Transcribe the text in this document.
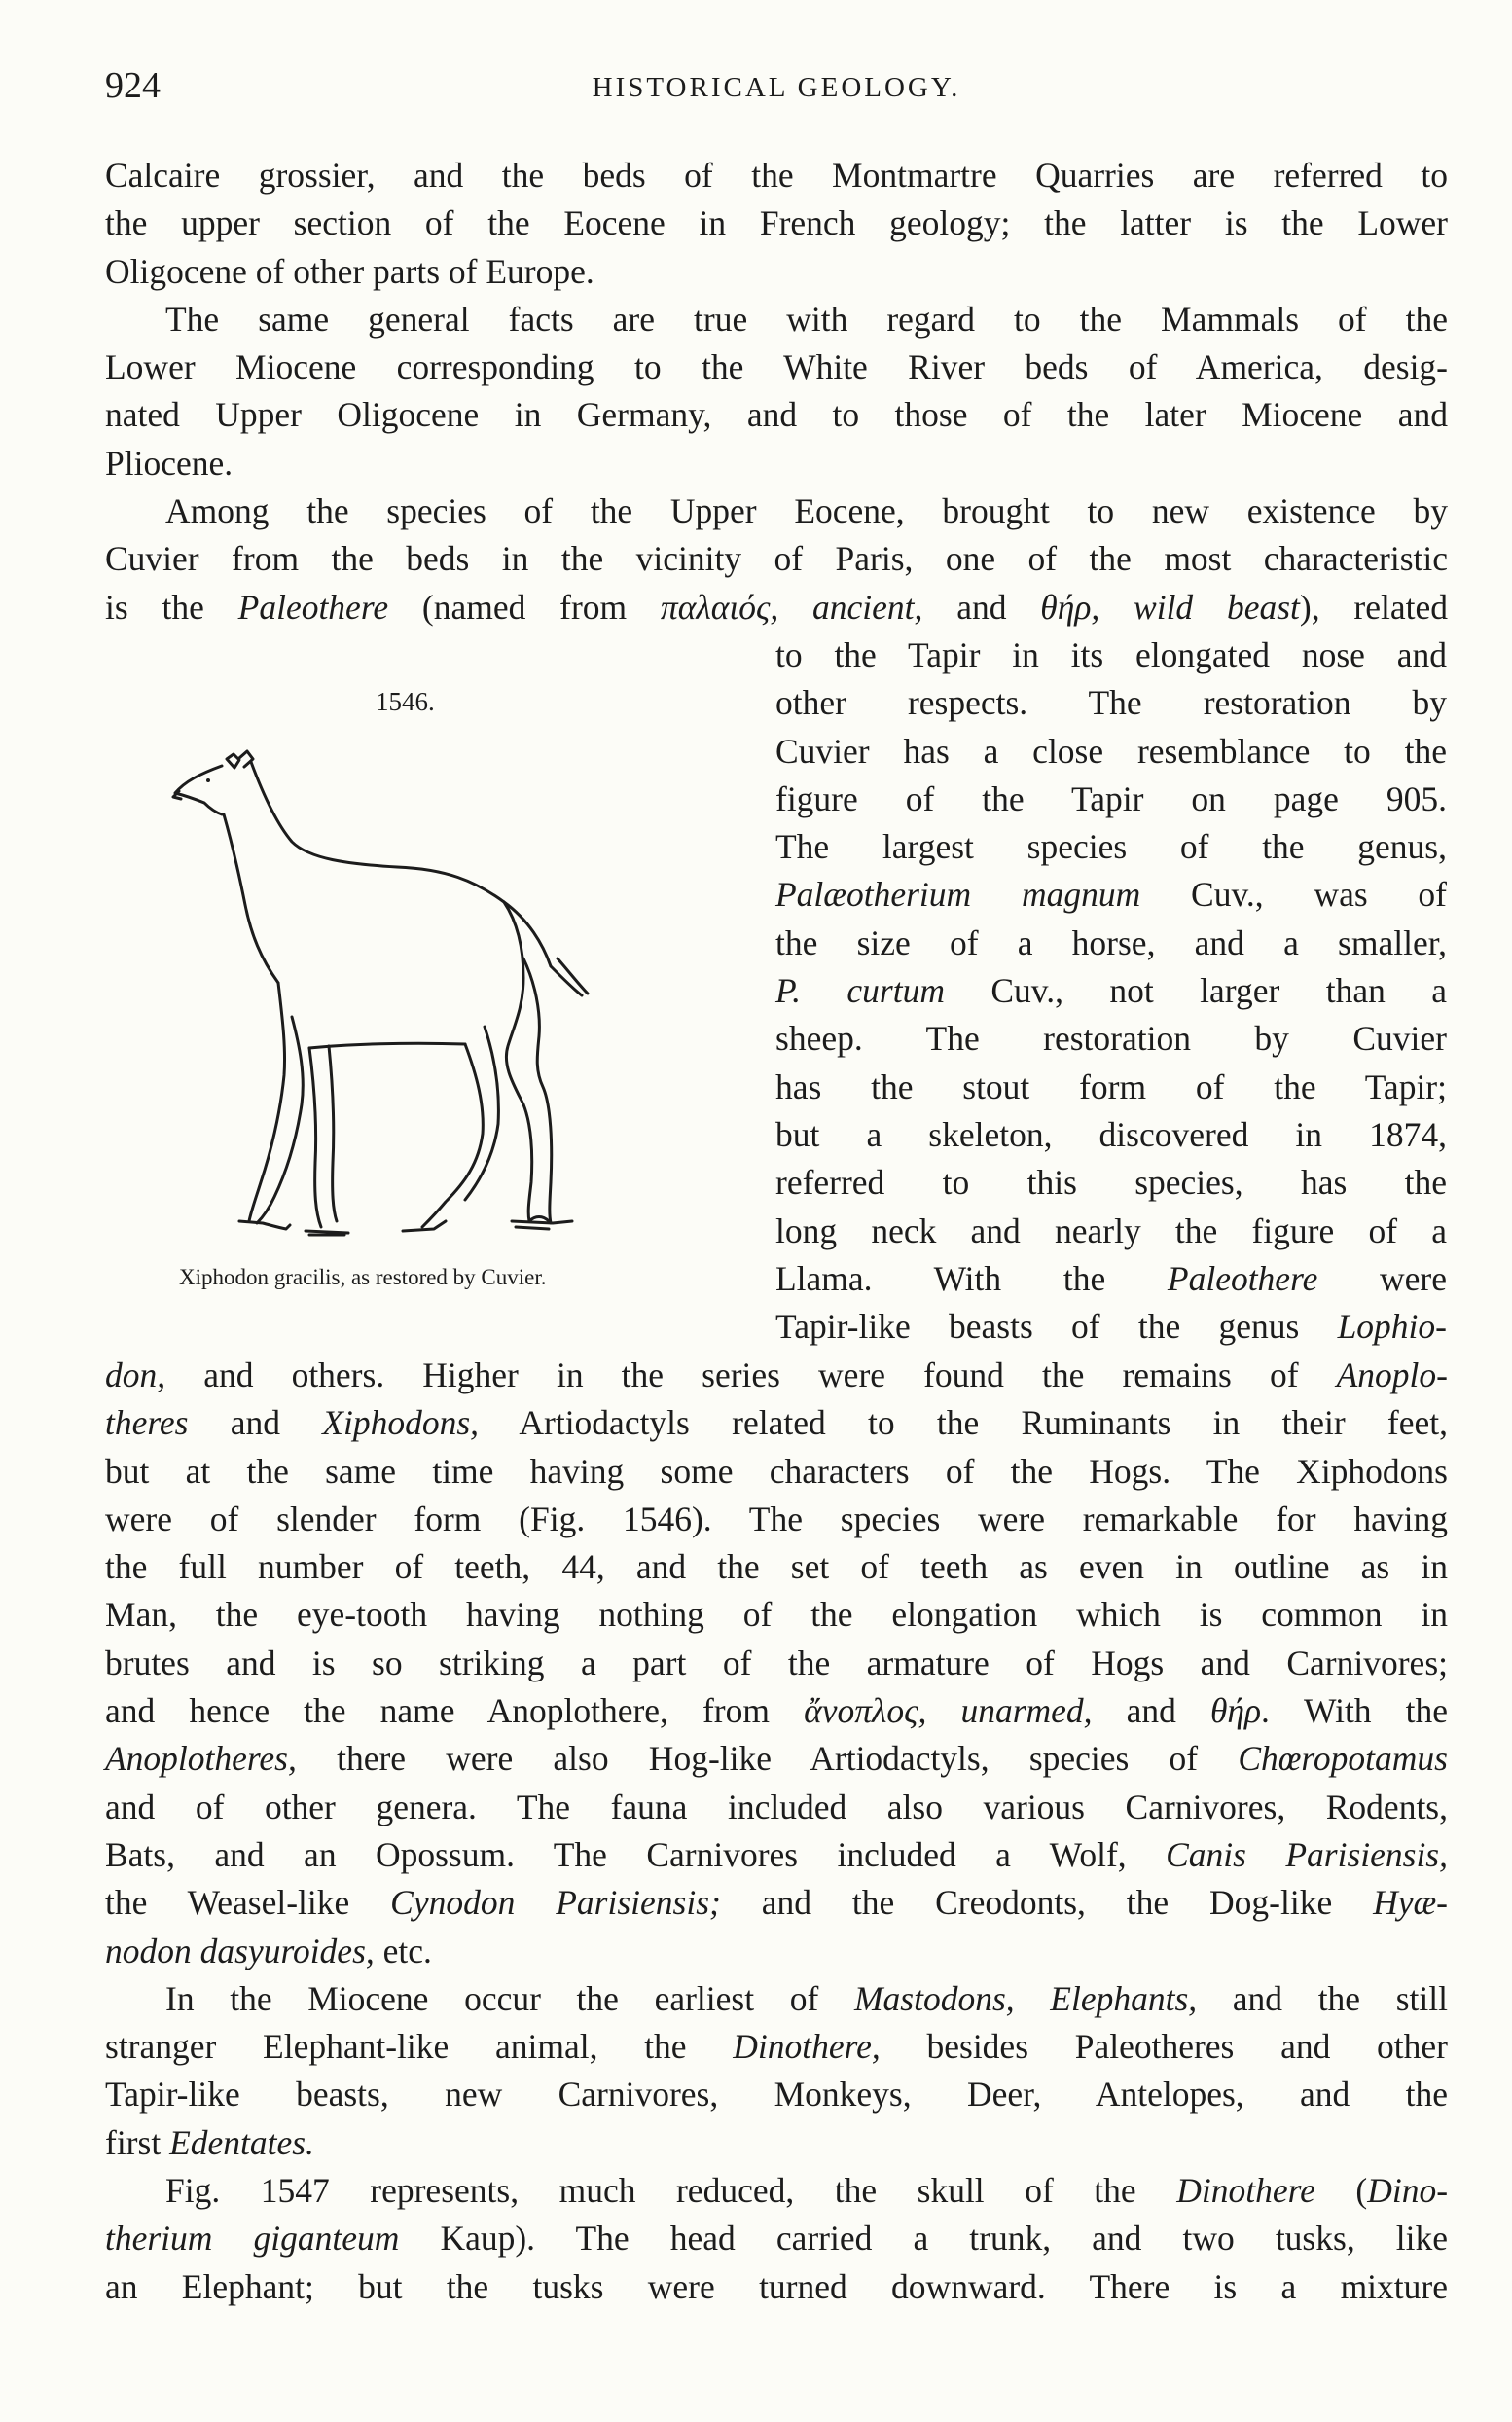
924	HISTORICAL GEOLOGY.
Calcaire grossier, and the beds of the Montmartre Quarries are referred to
the upper section of the Eocene in French geology; the latter is the Lower
Oligocene of other parts of Europe.
The same general facts are true with regard to the Mammals of the
Lower Miocene corresponding to the White River beds of America, desig-
nated Upper Oligocene in Germany, and to those of the later Miocene and
Pliocene.
Among the species of the Upper Eocene, brought to new existence by
Cuvier from the beds in the vicinity of Paris, one of the most characteristic
is the Paleothere (named from παλαιός, ancient, and θήρ, wild beast), related
to the Tapir in its elongated nose and
other respects. The restoration by
Cuvier has a close resemblance to the
figure of the Tapir on page 905.
The largest species of the genus,
Palæotherium magnum Cuv., was of
the size of a horse, and a smaller,
P. curtum Cuv., not larger than a
sheep. The restoration by Cuvier
has the stout form of the Tapir;
but a skeleton, discovered in 1874,
referred to this species, has the
long neck and nearly the figure of a
Llama. With the Paleothere were
Tapir-like beasts of the genus Lophio-
don, and others. Higher in the series were found the remains of Anoplo-
theres and Xiphodons, Artiodactyls related to the Ruminants in their feet,
but at the same time having some characters of the Hogs. The Xiphodons
were of slender form (Fig. 1546). The species were remarkable for having
the full number of teeth, 44, and the set of teeth as even in outline as in
Man, the eye-tooth having nothing of the elongation which is common in
brutes and is so striking a part of the armature of Hogs and Carnivores;
and hence the name Anoplothere, from ἄνοπλος, unarmed, and θήρ. With the
Anoplotheres, there were also Hog-like Artiodactyls, species of Chœropotamus
and of other genera. The fauna included also various Carnivores, Rodents,
Bats, and an Opossum. The Carnivores included a Wolf, Canis Parisiensis,
the Weasel-like Cynodon Parisiensis; and the Creodonts, the Dog-like Hyæ-
nodon dasyuroides, etc.
In the Miocene occur the earliest of Mastodons, Elephants, and the still
stranger Elephant-like animal, the Dinothere, besides Paleotheres and other
Tapir-like beasts, new Carnivores, Monkeys, Deer, Antelopes, and the
first Edentates.
Fig. 1547 represents, much reduced, the skull of the Dinothere (Dino-
therium giganteum Kaup). The head carried a trunk, and two tusks, like
an Elephant; but the tusks were turned downward. There is a mixture
1546.
Xiphodon gracilis, as restored by Cuvier.
